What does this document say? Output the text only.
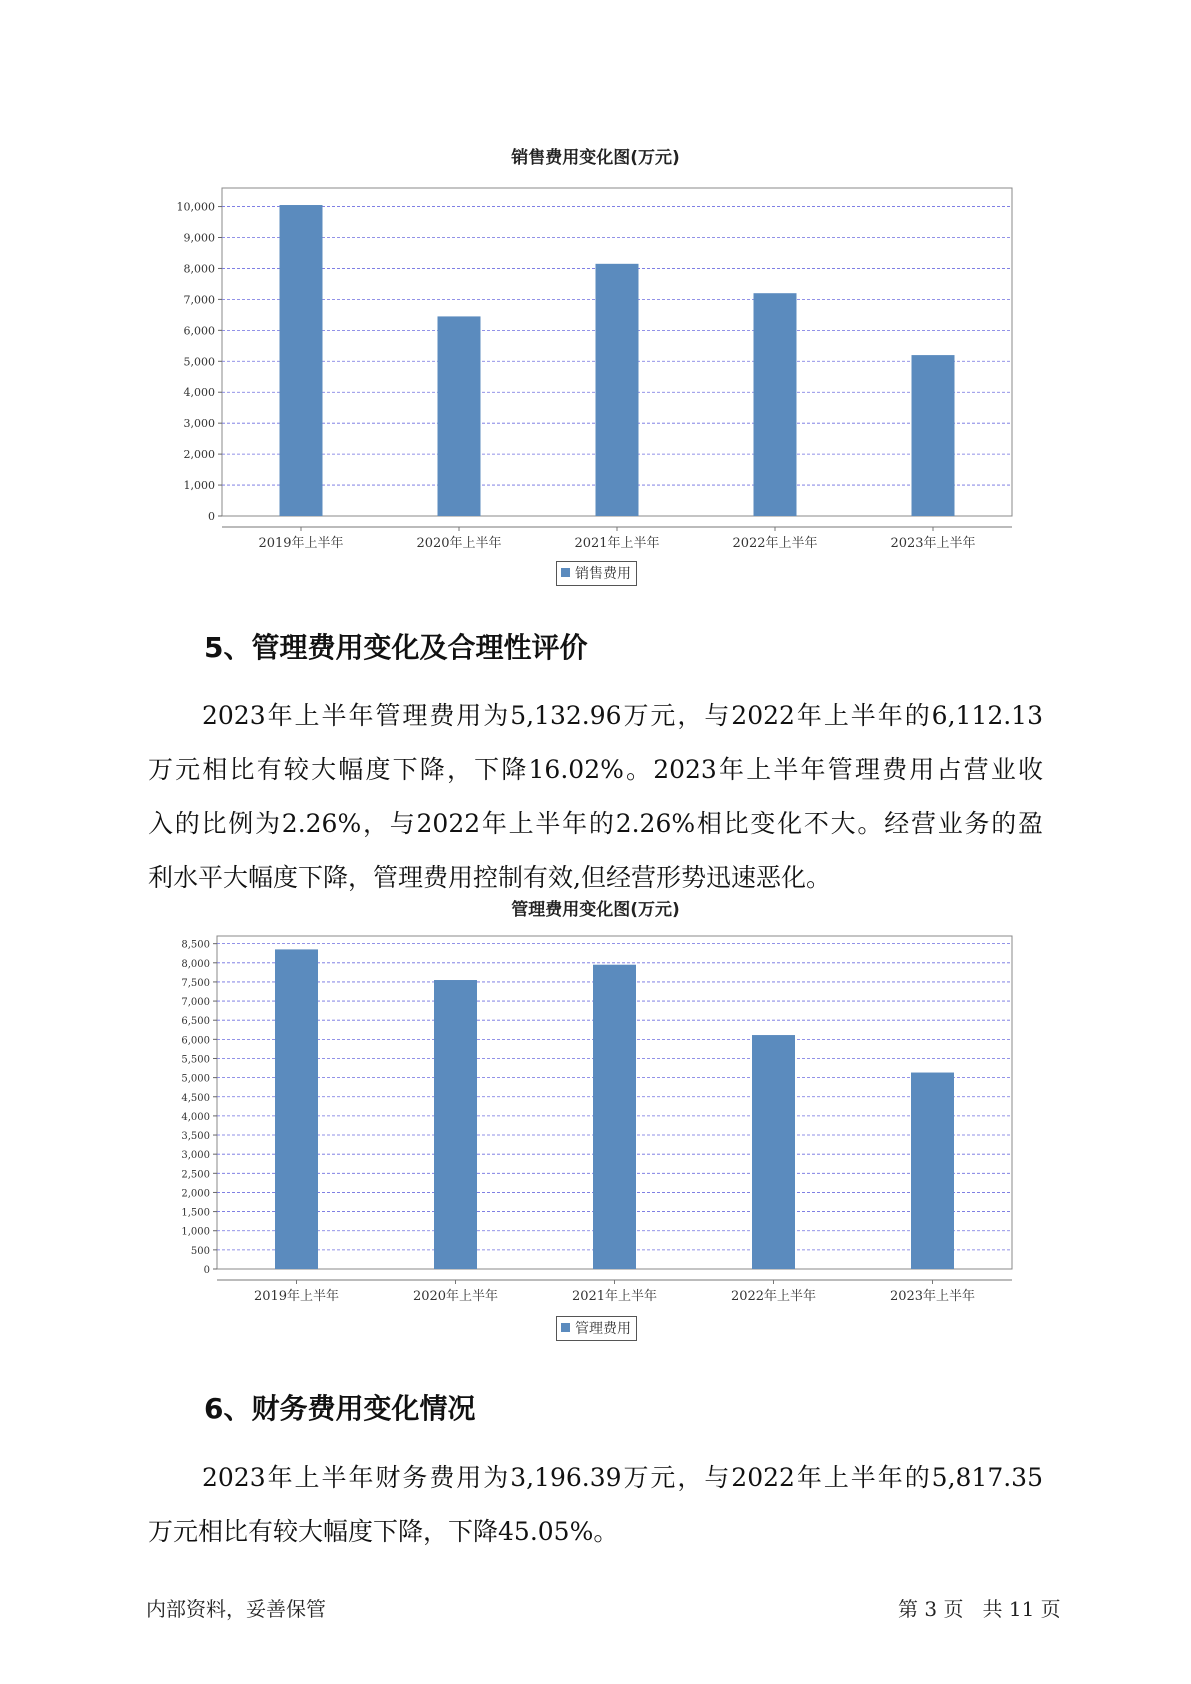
销售费用变化图(万元)
0
1,000
2,000
3,000
4,000
5,000
6,000
7,000
8,000
9,000
10,000
2019年上半年	2020年上半年	2021年上半年	2022年上半年	2023年上半年
销售费用
5、管理费用变化及合理性评价
2023年上半年管理费用为5,132.96万元，与2022年上半年的6,112.13
万元相比有较大幅度下降，下降16.02%。2023年上半年管理费用占营业收
入的比例为2.26%，与2022年上半年的2.26%相比变化不大。经营业务的盈
利水平大幅度下降，管理费用控制有效,但经营形势迅速恶化。
管理费用变化图(万元)
0
500
1,000
1,500
2,000
2,500
3,000
3,500
4,000
4,500
5,000
5,500
6,000
6,500
7,000
7,500
8,000
8,500
2019年上半年	2020年上半年	2021年上半年	2022年上半年	2023年上半年
管理费用
6、财务费用变化情况
2023年上半年财务费用为3,196.39万元，与2022年上半年的5,817.35
万元相比有较大幅度下降，下降45.05%。
内部资料，妥善保管	第 3 页   共 11 页
